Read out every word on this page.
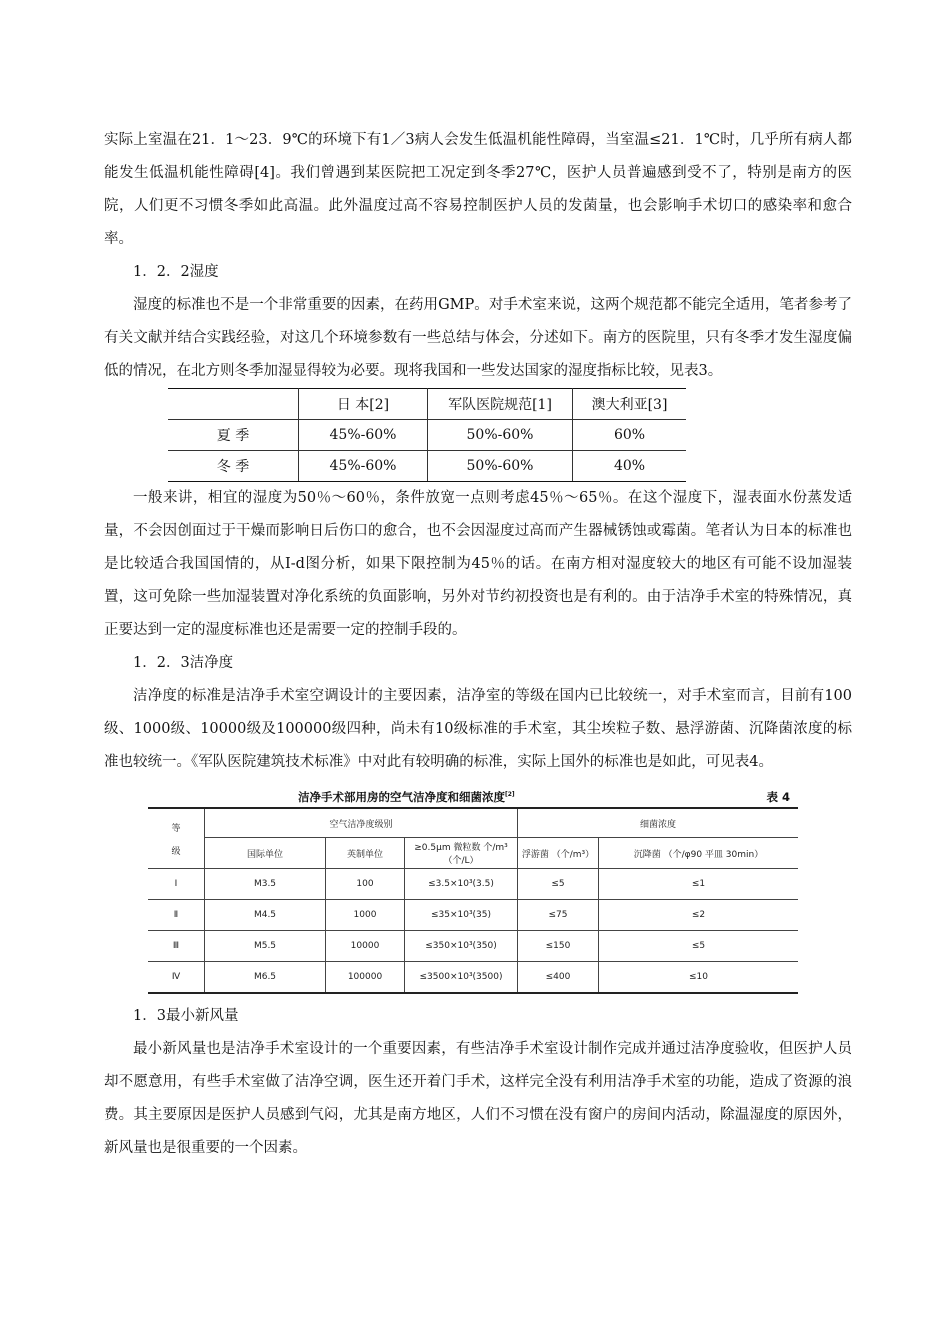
实际上室温在21．1～23．9℃的环境下有1／3病人会发生低温机能性障碍，当室温≤21．1℃时，几乎所有病人都能发生低温机能性障碍[4]。我们曾遇到某医院把工况定到冬季27℃，医护人员普遍感到受不了，特别是南方的医院，人们更不习惯冬季如此高温。此外温度过高不容易控制医护人员的发菌量，也会影响手术切口的感染率和愈合率。

1．2．2湿度

湿度的标准也不是一个非常重要的因素，在药用GMP。对手术室来说，这两个规范都不能完全适用，笔者参考了有关文献并结合实践经验，对这几个环境参数有一些总结与体会，分述如下。南方的医院里，只有冬季才发生湿度偏低的情况，在北方则冬季加湿显得较为必要。现将我国和一些发达国家的湿度指标比较，见表3。

	日 本[2]	军队医院规范[1]	澳大利亚[3]
夏 季	45%-60%	50%-60%	60%
冬 季	45%-60%	50%-60%	40%

一般来讲，相宜的湿度为50％～60％，条件放宽一点则考虑45％～65％。在这个湿度下，湿表面水份蒸发适量，不会因创面过于干燥而影响日后伤口的愈合，也不会因湿度过高而产生器械锈蚀或霉菌。笔者认为日本的标准也是比较适合我国国情的，从I-d图分析，如果下限控制为45％的话。在南方相对湿度较大的地区有可能不设加湿装置，这可免除一些加湿装置对净化系统的负面影响，另外对节约初投资也是有利的。由于洁净手术室的特殊情况，真正要达到一定的湿度标准也还是需要一定的控制手段的。

1．2．3洁净度

洁净度的标准是洁净手术室空调设计的主要因素，洁净室的等级在国内已比较统一，对手术室而言，目前有100级、1000级、10000级及100000级四种，尚未有10级标准的手术室，其尘埃粒子数、悬浮游菌、沉降菌浓度的标准也较统一。《军队医院建筑技术标准》中对此有较明确的标准，实际上国外的标准也是如此，可见表4。

洁净手术部用房的空气洁净度和细菌浓度[2]	表 4
等

级	空气洁净度级别			细菌浓度	
	国际单位	英制单位	≥0.5μm 微粒数 个/m³（个/L）	浮游菌 （个/m³）	沉降菌 （个/φ90 平皿 30min）
Ⅰ	M3.5	100	≤3.5×10³(3.5)	≤5	≤1
Ⅱ	M4.5	1000	≤35×10³(35)	≤75	≤2
Ⅲ	M5.5	10000	≤350×10³(350)	≤150	≤5
Ⅳ	M6.5	100000	≤3500×10³(3500)	≤400	≤10

1．3最小新风量

最小新风量也是洁净手术室设计的一个重要因素，有些洁净手术室设计制作完成并通过洁净度验收，但医护人员却不愿意用，有些手术室做了洁净空调，医生还开着门手术，这样完全没有利用洁净手术室的功能，造成了资源的浪费。其主要原因是医护人员感到气闷，尤其是南方地区，人们不习惯在没有窗户的房间内活动，除温湿度的原因外，新风量也是很重要的一个因素。
